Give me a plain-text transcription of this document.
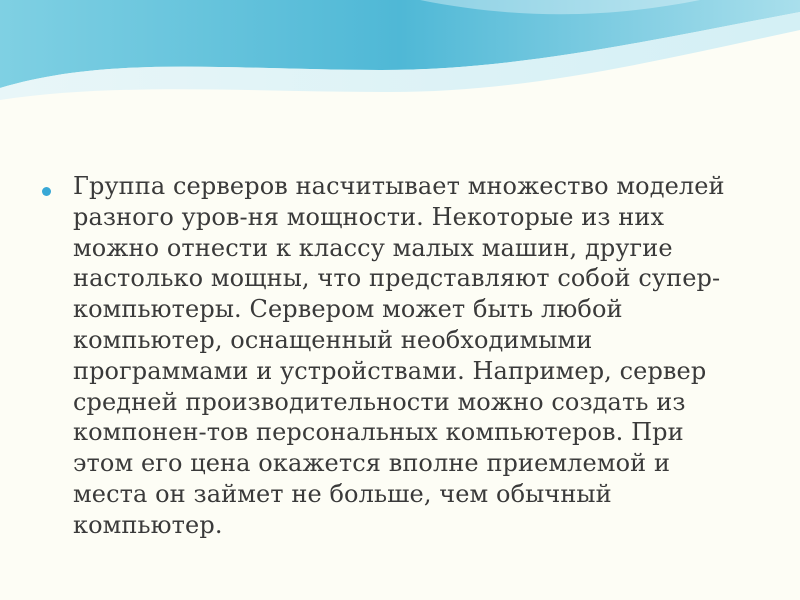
Группа серверов насчитывает множество моделей
разного уров-ня мощности. Некоторые из них
можно отнести к классу малых машин, другие
настолько мощны, что представляют собой супер-
компьютеры. Сервером может быть любой
компьютер, оснащенный необходимыми
программами и устройствами. Например, сервер
средней производительности можно создать из
компонен-тов персональных компьютеров. При
этом его цена окажется вполне приемлемой и
места он займет не больше, чем обычный
компьютер.
